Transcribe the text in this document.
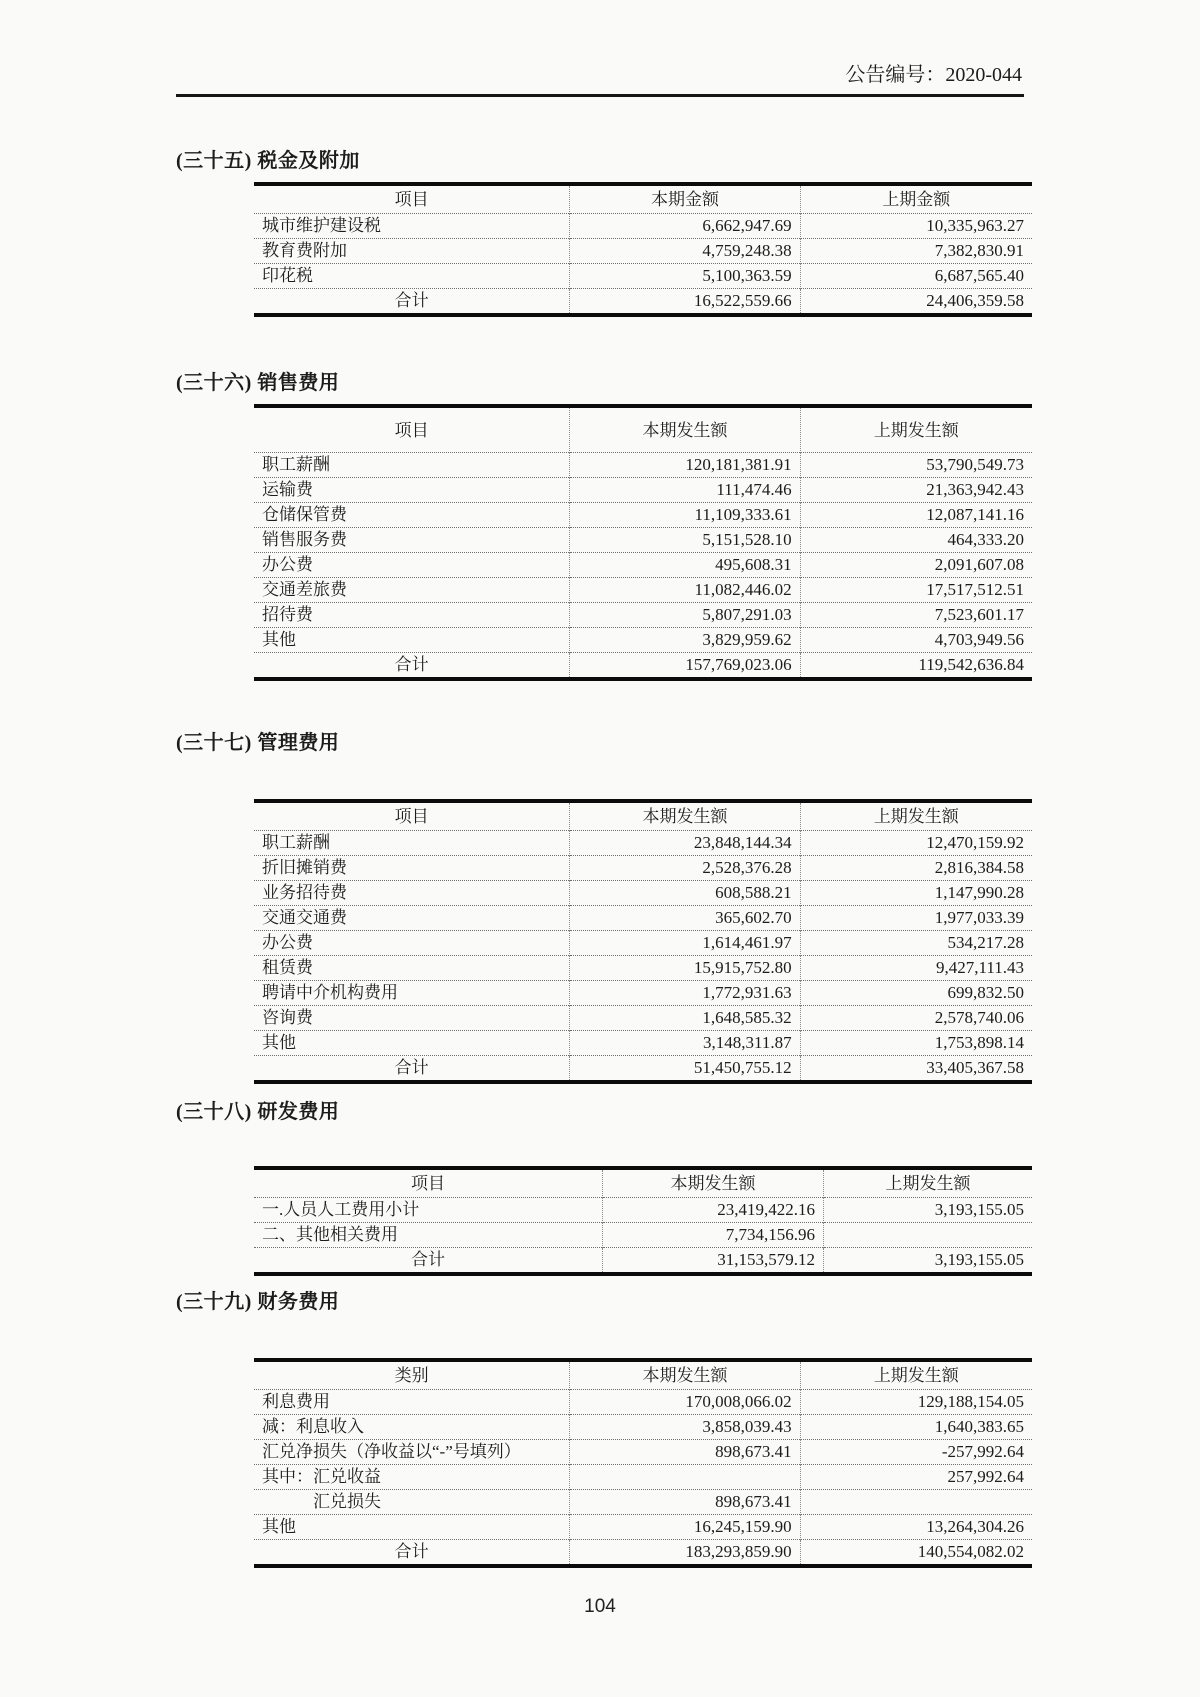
公告编号：2020-044
(三十五) 税金及附加
项目	本期金额	上期金额
城市维护建设税	6,662,947.69	10,335,963.27
教育费附加	4,759,248.38	7,382,830.91
印花税	5,100,363.59	6,687,565.40
合计	16,522,559.66	24,406,359.58
(三十六) 销售费用
项目	本期发生额	上期发生额
职工薪酬	120,181,381.91	53,790,549.73
运输费	111,474.46	21,363,942.43
仓储保管费	11,109,333.61	12,087,141.16
销售服务费	5,151,528.10	464,333.20
办公费	495,608.31	2,091,607.08
交通差旅费	11,082,446.02	17,517,512.51
招待费	5,807,291.03	7,523,601.17
其他	3,829,959.62	4,703,949.56
合计	157,769,023.06	119,542,636.84
(三十七) 管理费用
项目	本期发生额	上期发生额
职工薪酬	23,848,144.34	12,470,159.92
折旧摊销费	2,528,376.28	2,816,384.58
业务招待费	608,588.21	1,147,990.28
交通交通费	365,602.70	1,977,033.39
办公费	1,614,461.97	534,217.28
租赁费	15,915,752.80	9,427,111.43
聘请中介机构费用	1,772,931.63	699,832.50
咨询费	1,648,585.32	2,578,740.06
其他	3,148,311.87	1,753,898.14
合计	51,450,755.12	33,405,367.58
(三十八) 研发费用
项目	本期发生额	上期发生额
一.人员人工费用小计	23,419,422.16	3,193,155.05
二、其他相关费用	7,734,156.96	
合计	31,153,579.12	3,193,155.05
(三十九) 财务费用
类别	本期发生额	上期发生额
利息费用	170,008,066.02	129,188,154.05
减：利息收入	3,858,039.43	1,640,383.65
汇兑净损失（净收益以“-”号填列）	898,673.41	-257,992.64
其中：汇兑收益		257,992.64
　　　汇兑损失	898,673.41	
其他	16,245,159.90	13,264,304.26
合计	183,293,859.90	140,554,082.02
104
